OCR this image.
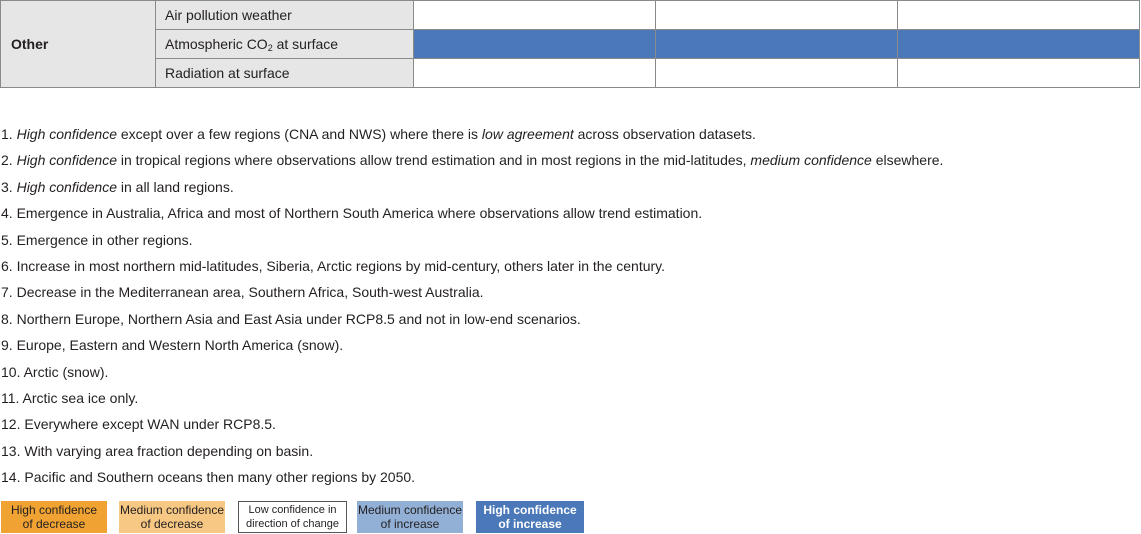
Other	Air pollution weather			
	Atmospheric $CO_2$ at surface			
	Radiation at surface			
1. High confidence except over a few regions (CNA and NWS) where there is low agreement across observation datasets.
2. High confidence in tropical regions where observations allow trend estimation and in most regions in the mid-latitudes, medium confidence elsewhere.
3. High confidence in all land regions.
4. Emergence in Australia, Africa and most of Northern South America where observations allow trend estimation.
5. Emergence in other regions.
6. Increase in most northern mid-latitudes, Siberia, Arctic regions by mid-century, others later in the century.
7. Decrease in the Mediterranean area, Southern Africa, South-west Australia.
8. Northern Europe, Northern Asia and East Asia under RCP8.5 and not in low-end scenarios.
9. Europe, Eastern and Western North America (snow).
10. Arctic (snow).
11. Arctic sea ice only.
12. Everywhere except WAN under RCP8.5.
13. With varying area fraction depending on basin.
14. Pacific and Southern oceans then many other regions by 2050.
High confidence
of decrease
Medium confidence
of decrease
Low confidence in
direction of change
Medium confidence
of increase
High confidence
of increase
